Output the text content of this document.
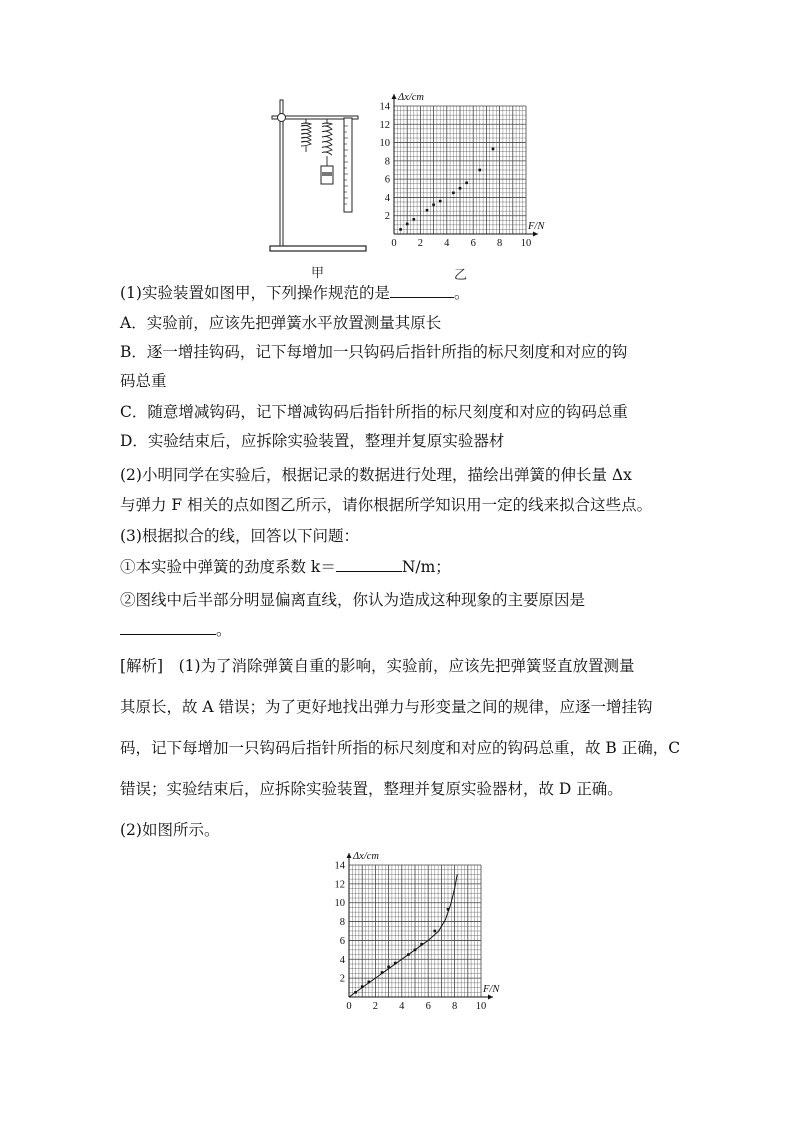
甲	乙
0 2 4 6 8 10
2
4
6
8
10
12
14
Δx/cm
F/N
(1)实验装置如图甲，下列操作规范的是	。
A．实验前，应该先把弹簧水平放置测量其原长
B．逐一增挂钩码，记下每增加一只钩码后指针所指的标尺刻度和对应的钩
码总重
C．随意增减钩码，记下增减钩码后指针所指的标尺刻度和对应的钩码总重
D．实验结束后，应拆除实验装置，整理并复原实验器材
(2)小明同学在实验后，根据记录的数据进行处理，描绘出弹簧的伸长量 Δx
与弹力 F 相关的点如图乙所示，请你根据所学知识用一定的线来拟合这些点。
(3)根据拟合的线，回答以下问题：
①本实验中弹簧的劲度系数 k＝	N/m；
②图线中后半部分明显偏离直线，你认为造成这种现象的主要原因是
。
[解析]　(1)为了消除弹簧自重的影响，实验前，应该先把弹簧竖直放置测量
其原长，故 A 错误；为了更好地找出弹力与形变量之间的规律，应逐一增挂钩
码，记下每增加一只钩码后指针所指的标尺刻度和对应的钩码总重，故 B 正确，C
错误；实验结束后，应拆除实验装置，整理并复原实验器材，故 D 正确。
(2)如图所示。
0 2 4 6 8 10
2
4
6
8
10
12
14
Δx/cm
F/N
